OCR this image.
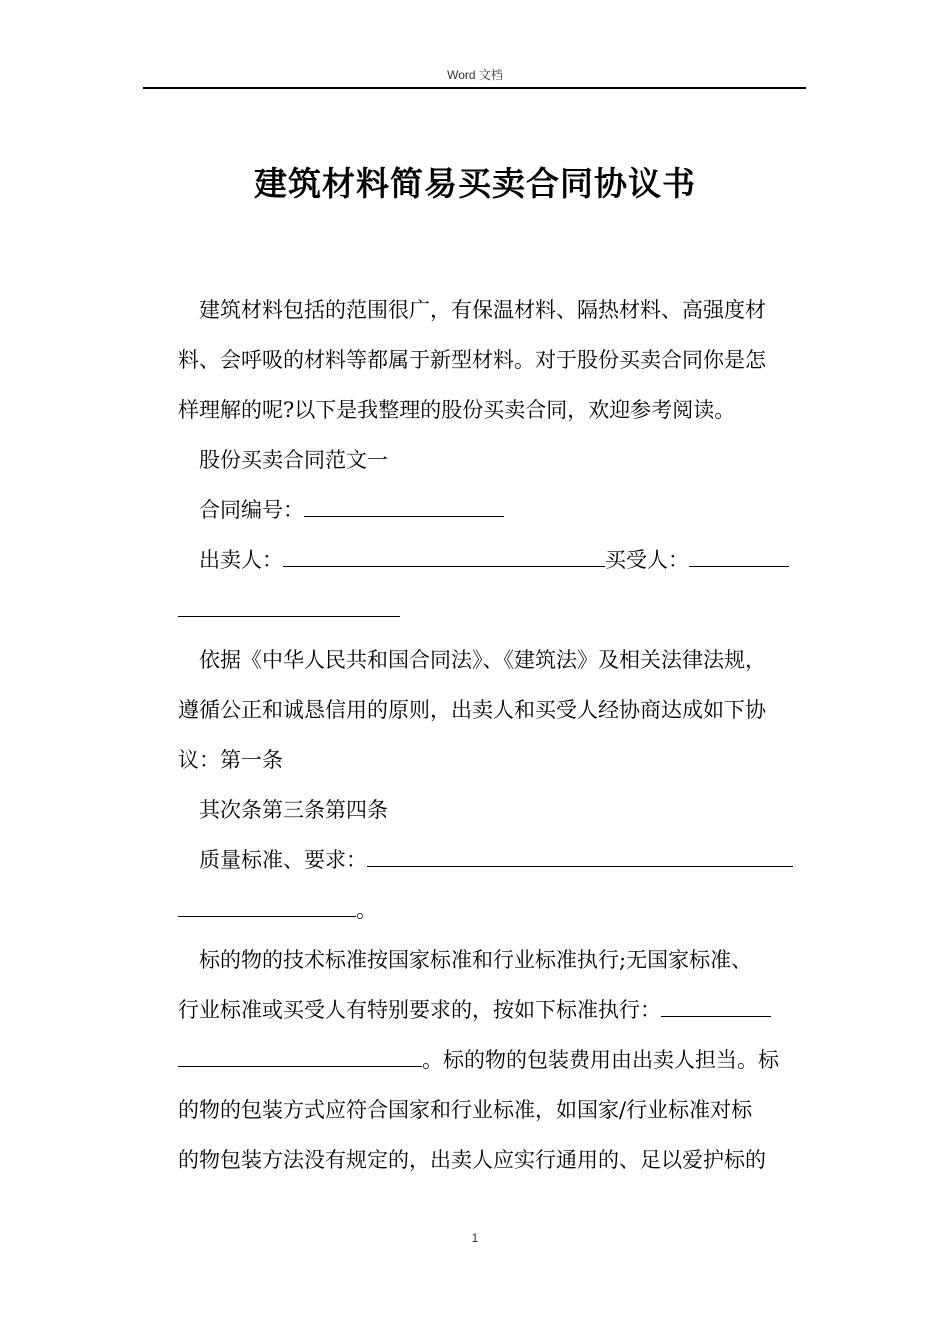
Word 文档
建筑材料简易买卖合同协议书
建筑材料包括的范围很广，有保温材料、隔热材料、高强度材
料、会呼吸的材料等都属于新型材料。对于股份买卖合同你是怎
样理解的呢?以下是我整理的股份买卖合同，欢迎参考阅读。
股份买卖合同范文一
合同编号：
出卖人：	买受人：
依据《中华人民共和国合同法》、《建筑法》及相关法律法规，
遵循公正和诚恳信用的原则，出卖人和买受人经协商达成如下协
议：第一条
其次条第三条第四条
质量标准、要求：
。
标的物的技术标准按国家标准和行业标准执行;无国家标准、
行业标准或买受人有特别要求的，按如下标准执行：
。标的物的包装费用由出卖人担当。标
的物的包装方式应符合国家和行业标准，如国家/行业标准对标
的物包装方法没有规定的，出卖人应实行通用的、足以爱护标的
1
